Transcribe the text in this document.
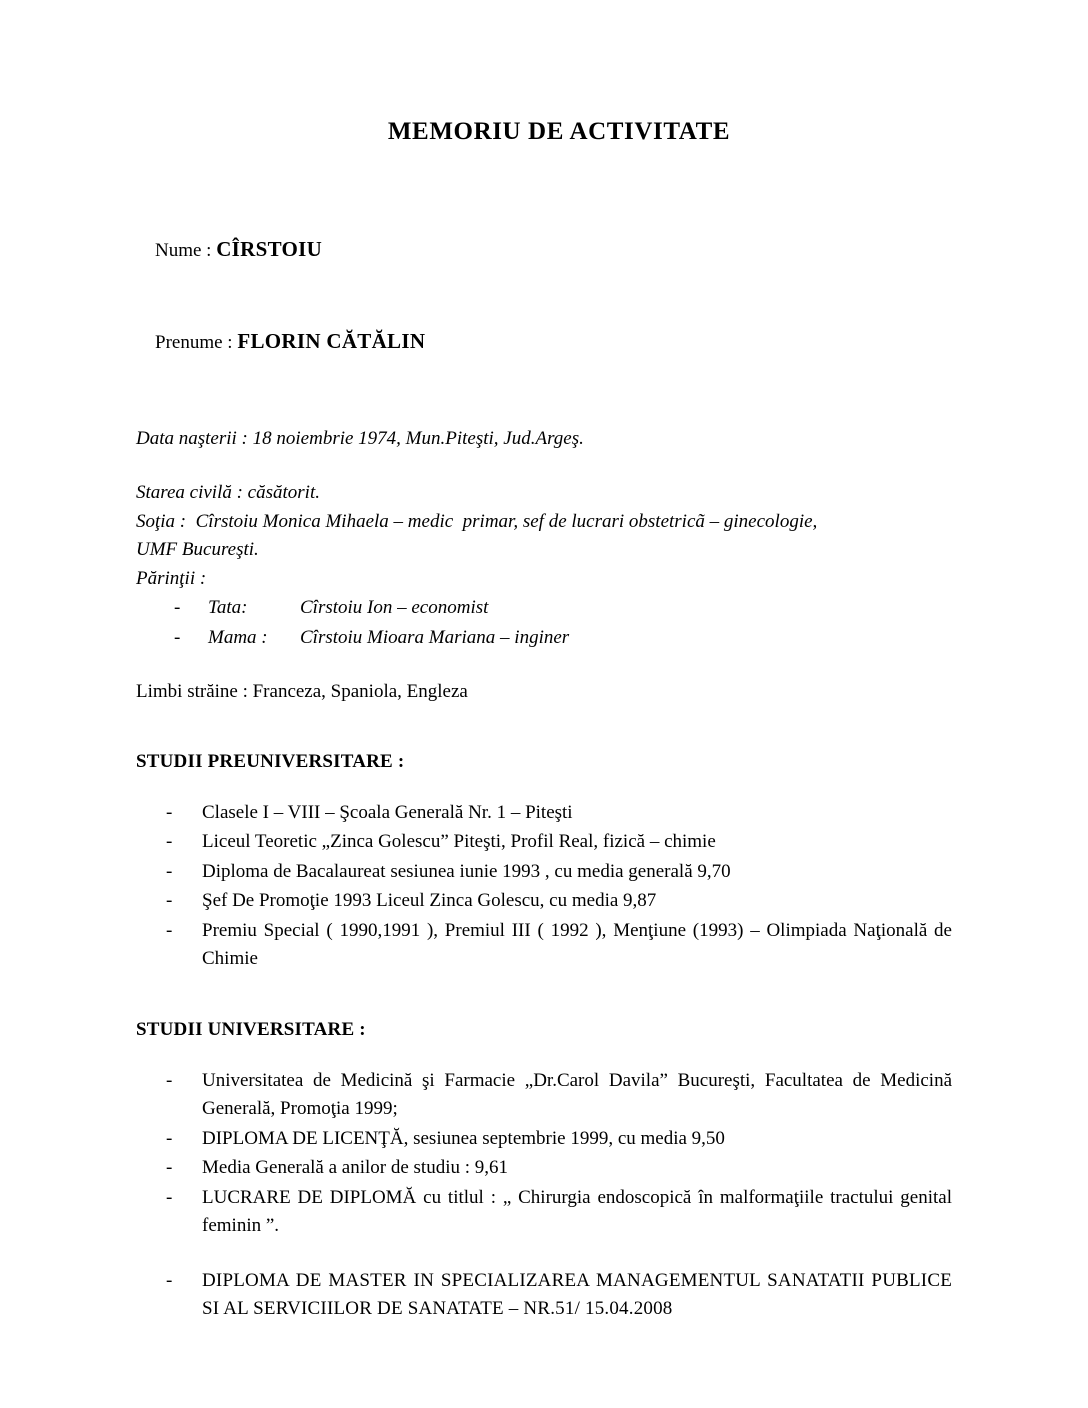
MEMORIU DE ACTIVITATE

Nume : CÎRSTOIU

Prenume : FLORIN CĂTĂLIN

Data naşterii : 18 noiembrie 1974, Mun.Piteşti, Jud.Argeş.
Starea civilă : căsătorit.
Soţia :  Cîrstoiu Monica Mihaela – medic  primar, sef de lucrari obstetricã – ginecologie,
UMF Bucureşti.
Părinţii :
-	Tata:	Cîrstoiu Ion – economist
-	Mama :	Cîrstoiu Mioara Mariana – inginer
Limbi străine : Franceza, Spaniola, Engleza
STUDII PREUNIVERSITARE :
-	Clasele I – VIII – Şcoala Generală Nr. 1 – Piteşti
-	Liceul Teoretic „Zinca Golescu” Piteşti, Profil Real, fizică – chimie
-	Diploma de Bacalaureat sesiunea iunie 1993 , cu media generală 9,70
-	Şef De Promoţie 1993 Liceul Zinca Golescu, cu media 9,87
-	Premiu Special ( 1990,1991 ), Premiul III ( 1992 ), Menţiune (1993) – Olimpiada Naţională de Chimie
STUDII UNIVERSITARE :
-	Universitatea de Medicină şi Farmacie „Dr.Carol Davila” Bucureşti, Facultatea de Medicină Generală, Promoţia 1999;
-	DIPLOMA DE LICENŢĂ, sesiunea septembrie 1999, cu media 9,50
-	Media Generală a anilor de studiu : 9,61
-	LUCRARE DE DIPLOMĂ cu titlul : „ Chirurgia endoscopică în malformaţiile tractului genital feminin ”.
-	DIPLOMA DE MASTER IN SPECIALIZAREA MANAGEMENTUL SANATATII PUBLICE SI AL SERVICIILOR DE SANATATE – NR.51/ 15.04.2008
